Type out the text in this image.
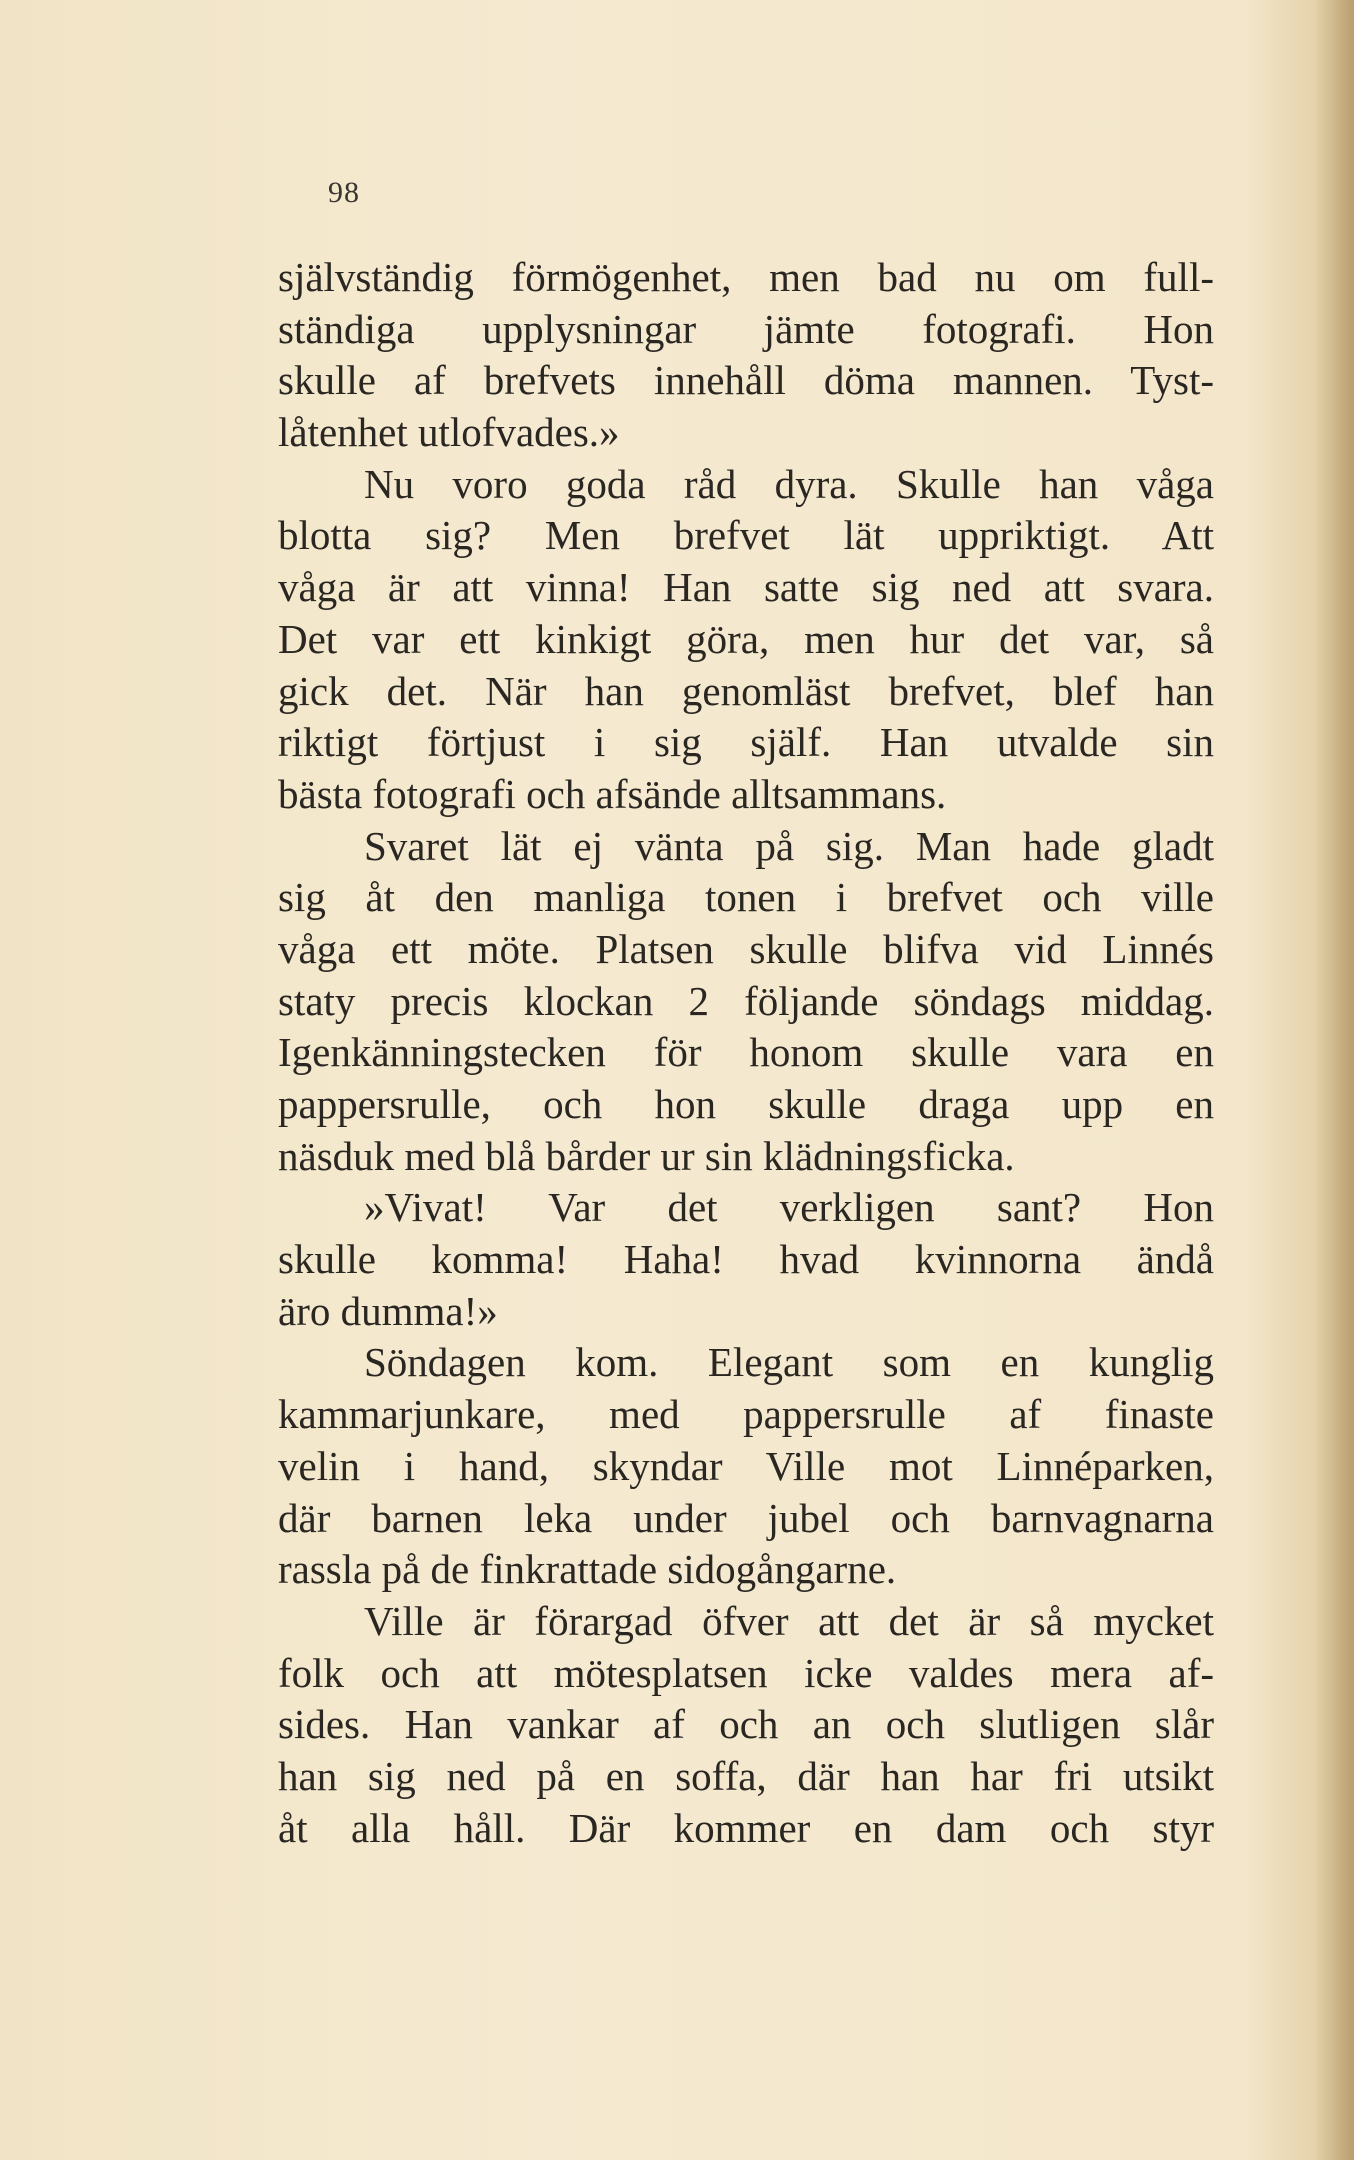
98
självständig förmögenhet, men bad nu om full-
ständiga upplysningar jämte fotografi. Hon
skulle af brefvets innehåll döma mannen. Tyst-
låtenhet utlofvades.»
Nu voro goda råd dyra. Skulle han våga
blotta sig? Men brefvet lät uppriktigt. Att
våga är att vinna! Han satte sig ned att svara.
Det var ett kinkigt göra, men hur det var, så
gick det. När han genomläst brefvet, blef han
riktigt förtjust i sig själf. Han utvalde sin
bästa fotografi och afsände alltsammans.
Svaret lät ej vänta på sig. Man hade gladt
sig åt den manliga tonen i brefvet och ville
våga ett möte. Platsen skulle blifva vid Linnés
staty precis klockan 2 följande söndags middag.
Igenkänningstecken för honom skulle vara en
pappersrulle, och hon skulle draga upp en
näsduk med blå bårder ur sin klädningsficka.
»Vivat! Var det verkligen sant? Hon
skulle komma! Haha! hvad kvinnorna ändå
äro dumma!»
Söndagen kom. Elegant som en kunglig
kammarjunkare, med pappersrulle af finaste
velin i hand, skyndar Ville mot Linnéparken,
där barnen leka under jubel och barnvagnarna
rassla på de finkrattade sidogångarne.
Ville är förargad öfver att det är så mycket
folk och att mötesplatsen icke valdes mera af-
sides. Han vankar af och an och slutligen slår
han sig ned på en soffa, där han har fri utsikt
åt alla håll. Där kommer en dam och styr
